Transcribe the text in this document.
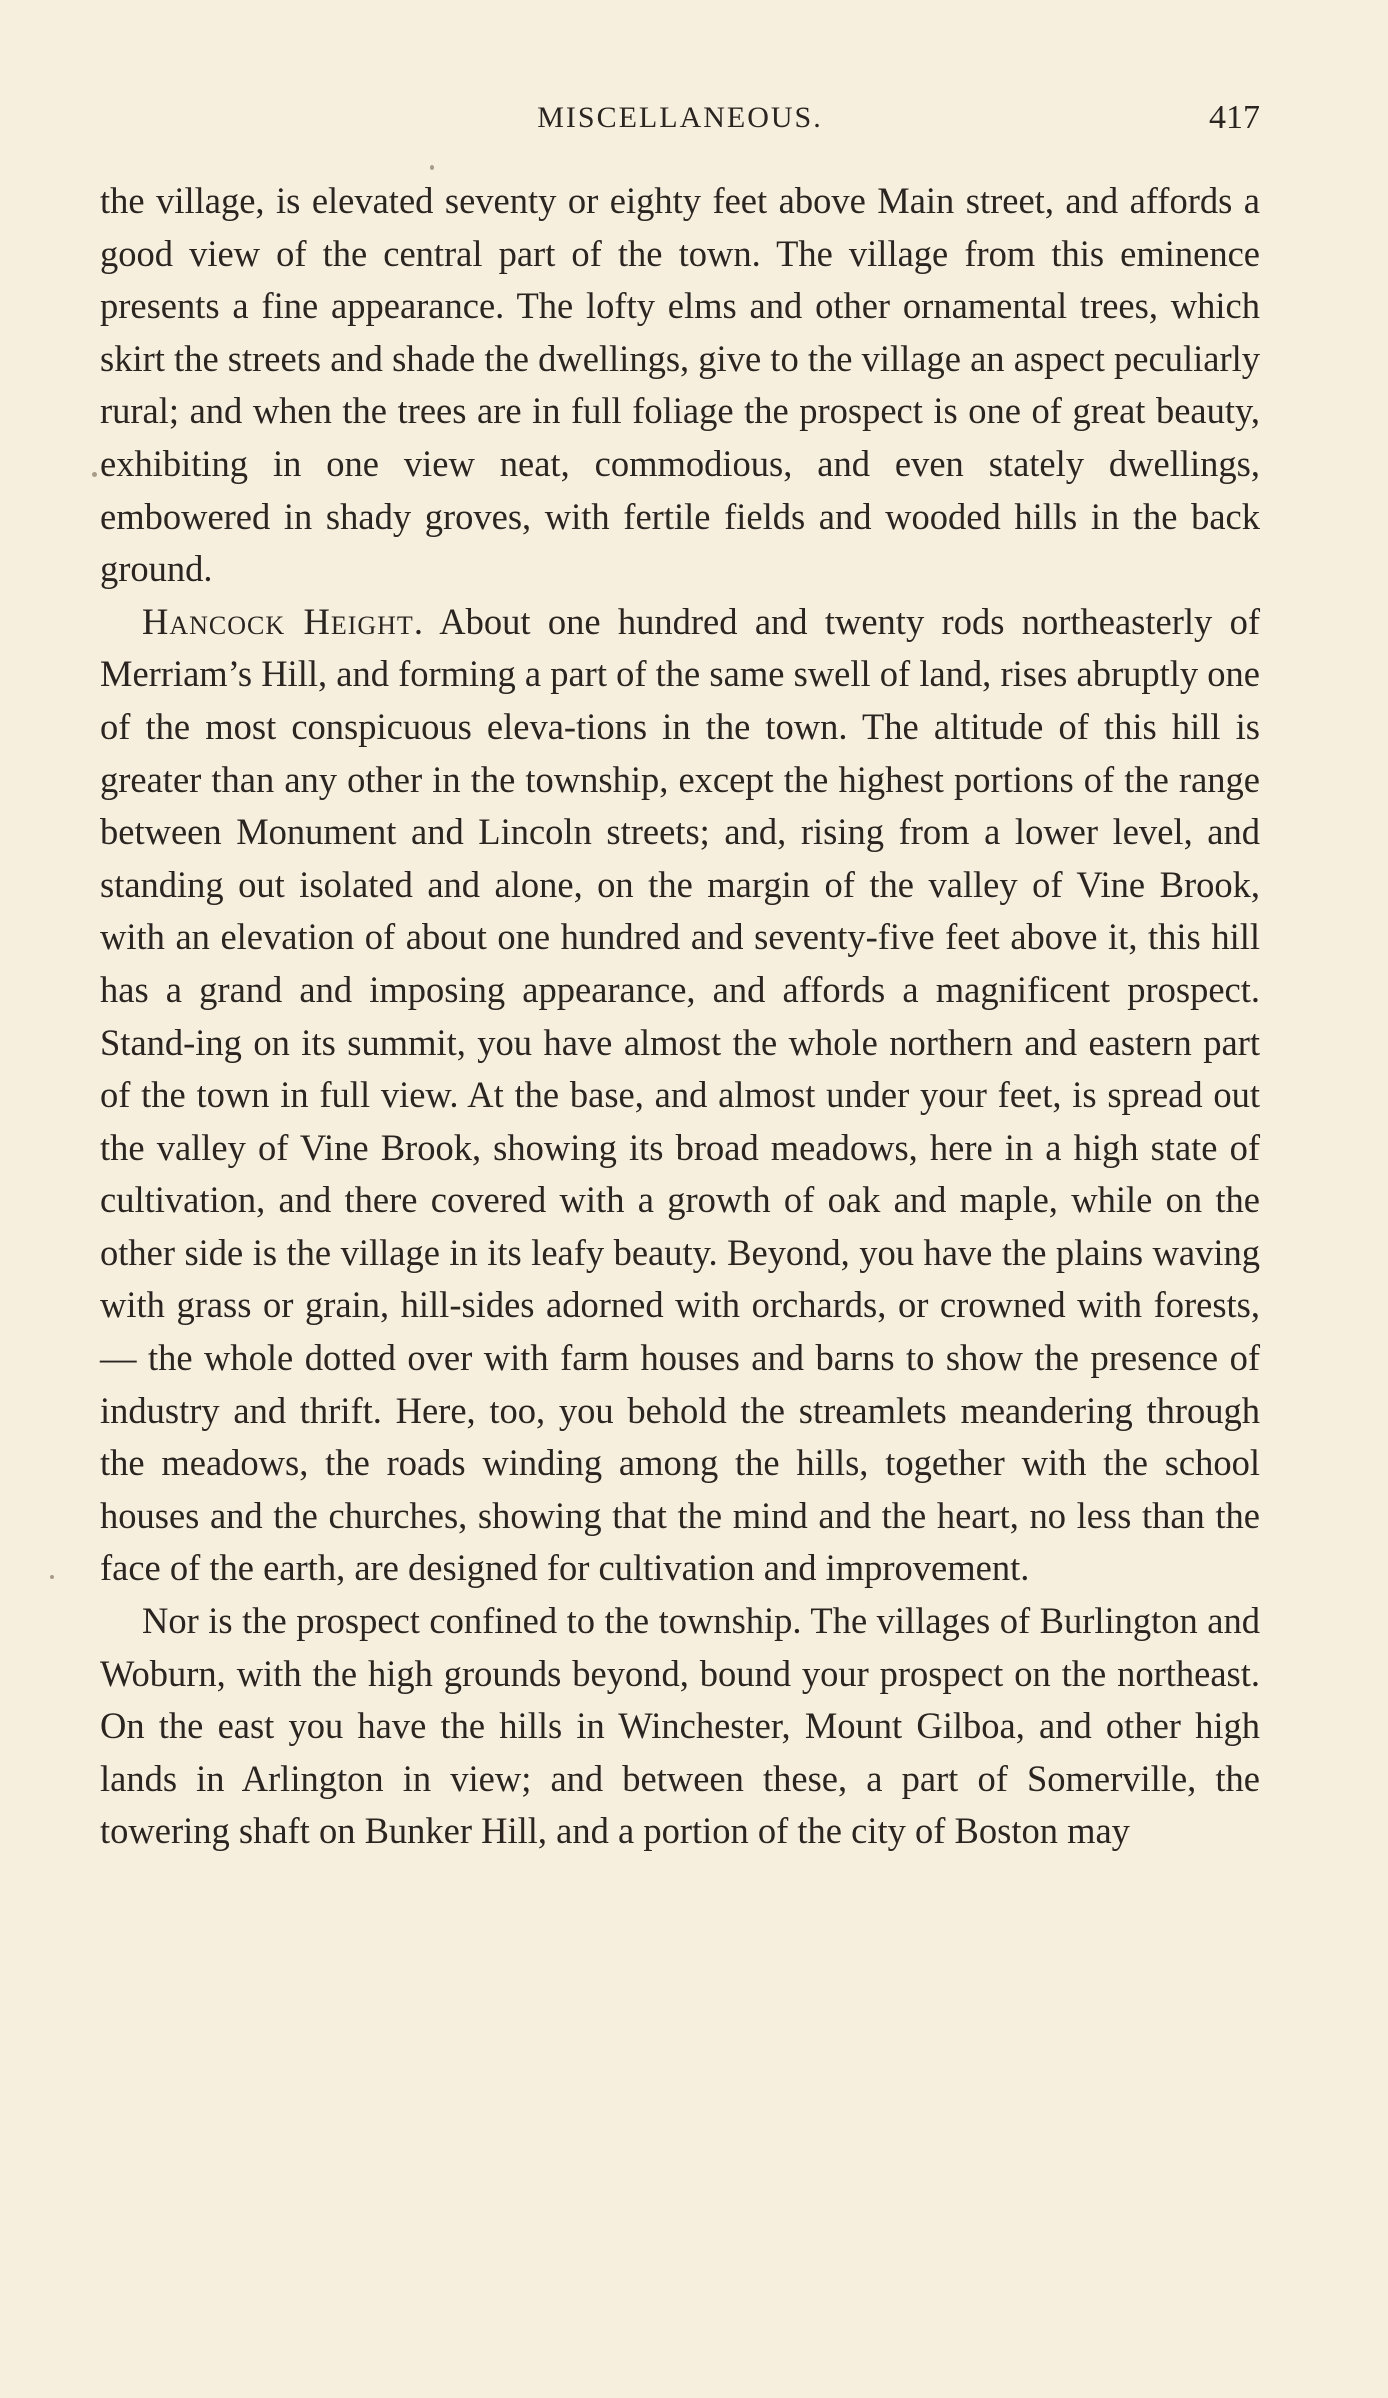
MISCELLANEOUS.	417

the village, is elevated seventy or eighty feet above Main street, and affords a good view of the central part of the town. The village from this eminence presents a fine appearance. The lofty elms and other ornamental trees, which skirt the streets and shade the dwellings, give to the village an aspect peculiarly rural; and when the trees are in full foliage the prospect is one of great beauty, exhibiting in one view neat, commodious, and even stately dwellings, embowered in shady groves, with fertile fields and wooded hills in the back ground.

Hancock Height. About one hundred and twenty rods northeasterly of Merriam’s Hill, and forming a part of the same swell of land, rises abruptly one of the most conspicuous eleva-tions in the town. The altitude of this hill is greater than any other in the township, except the highest portions of the range between Monument and Lincoln streets; and, rising from a lower level, and standing out isolated and alone, on the margin of the valley of Vine Brook, with an elevation of about one hundred and seventy-five feet above it, this hill has a grand and imposing appearance, and affords a magnificent prospect. Stand-ing on its summit, you have almost the whole northern and eastern part of the town in full view. At the base, and almost under your feet, is spread out the valley of Vine Brook, showing its broad meadows, here in a high state of cultivation, and there covered with a growth of oak and maple, while on the other side is the village in its leafy beauty. Beyond, you have the plains waving with grass or grain, hill-sides adorned with orchards, or crowned with forests, — the whole dotted over with farm houses and barns to show the presence of industry and thrift. Here, too, you behold the streamlets meandering through the meadows, the roads winding among the hills, together with the school houses and the churches, showing that the mind and the heart, no less than the face of the earth, are designed for cultivation and improvement.

Nor is the prospect confined to the township. The villages of Burlington and Woburn, with the high grounds beyond, bound your prospect on the northeast. On the east you have the hills in Winchester, Mount Gilboa, and other high lands in Arlington in view; and between these, a part of Somerville, the towering shaft on Bunker Hill, and a portion of the city of Boston may
